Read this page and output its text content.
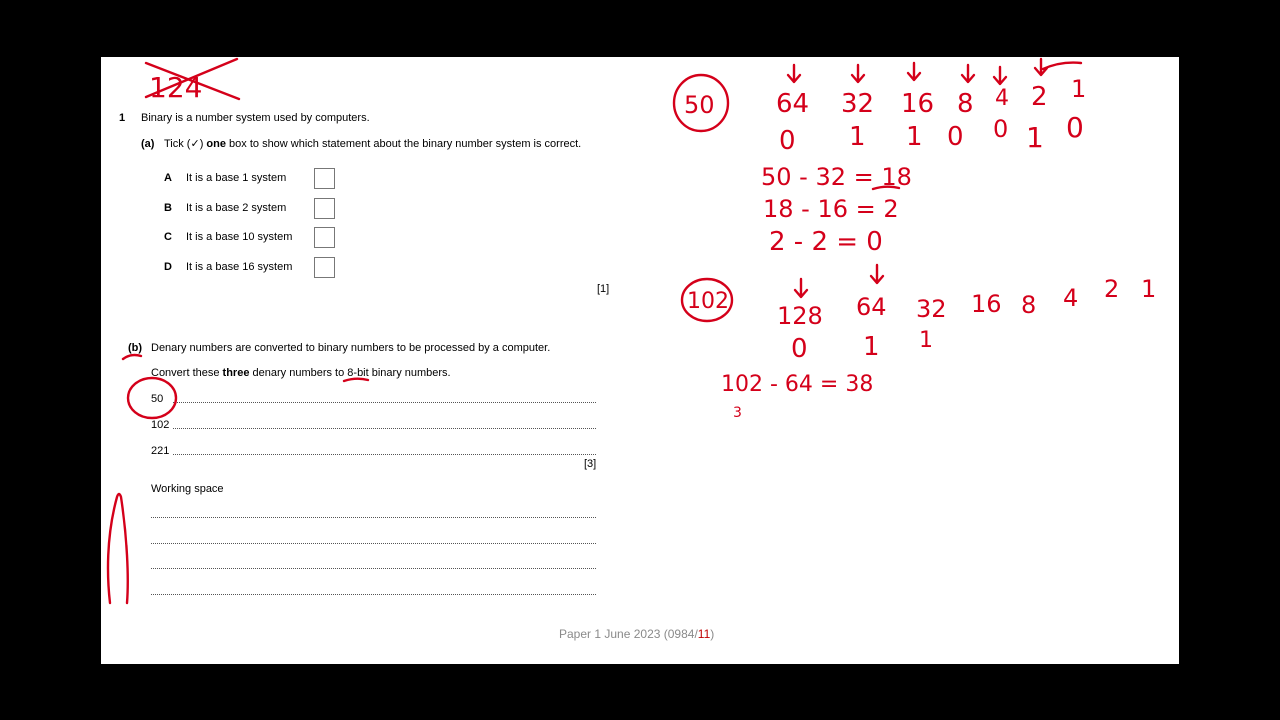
1 Binary is a number system used by computers.
(a) Tick (✓) one box to show which statement about the binary number system is correct.
A It is a base 1 system
B It is a base 2 system
C It is a base 10 system
D It is a base 16 system
[1]
(b) Denary numbers are converted to binary numbers to be processed by a computer.
Convert these three denary numbers to 8-bit binary numbers.
50
102
221
[3]
Working space
Paper 1 June 2023 (0984/11)
124
50 64 32 16 8 4 2 1
0 1 1 0 0 1 0
50 - 32 = 18
18 - 16 = 2
2 - 2 = 0
102
128 64 32 16 8 4 2 1
0 1 1
102 - 64 = 38
3
